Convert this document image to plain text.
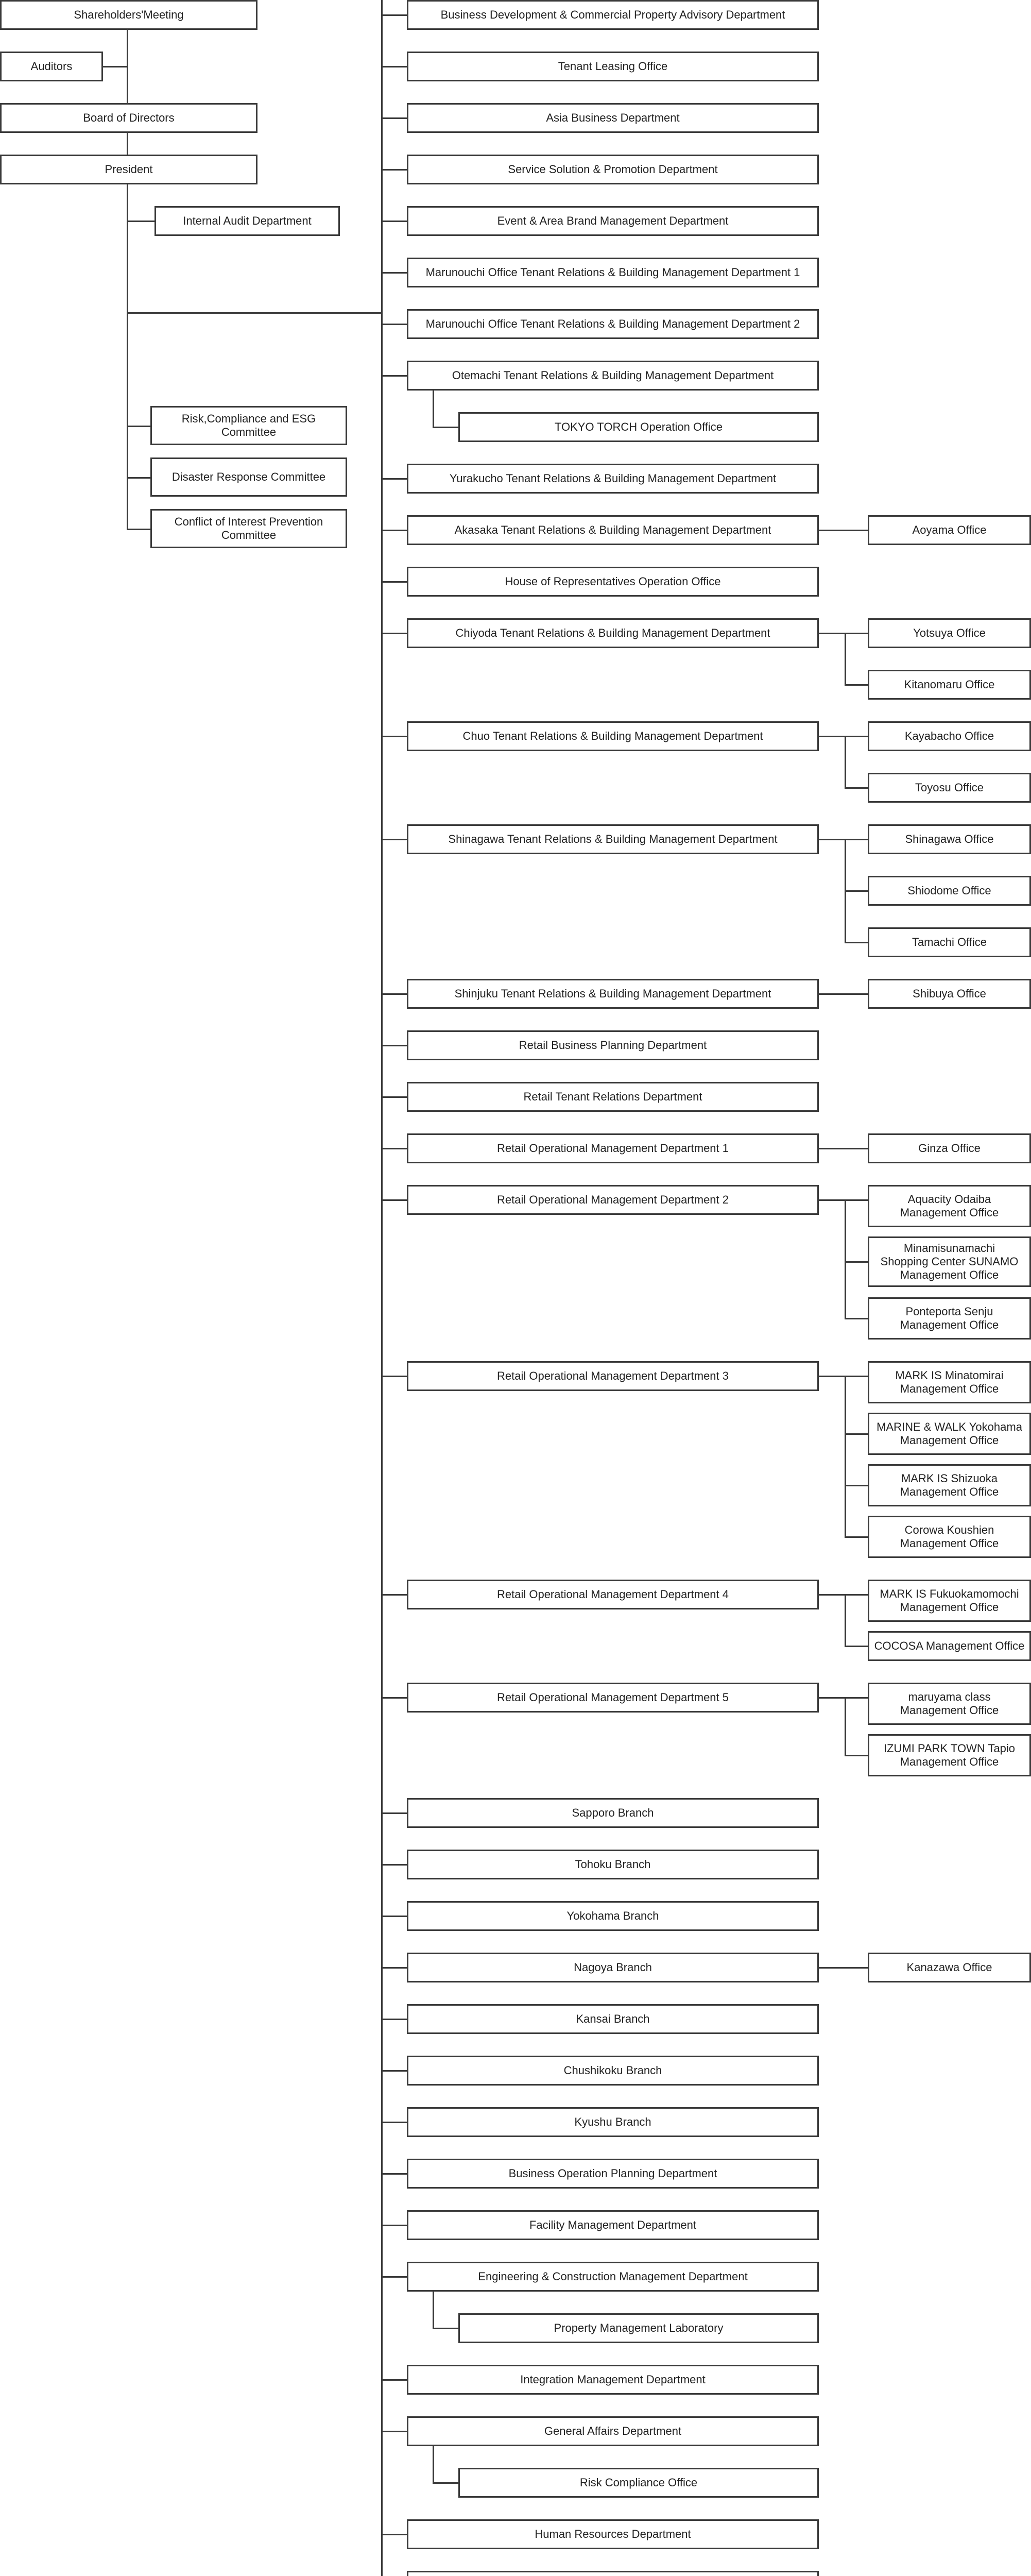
Shareholders'Meeting
Auditors
Board of Directors
President
Internal Audit Department
Risk,Compliance and ESG
Committee
Disaster Response Committee
Conflict of Interest Prevention
Committee
Business Development & Commercial Property Advisory Department
Tenant Leasing Office
Asia Business Department
Service Solution & Promotion Department
Event & Area Brand Management Department
Marunouchi Office Tenant Relations & Building Management Department 1
Marunouchi Office Tenant Relations & Building Management Department 2
Otemachi Tenant Relations & Building Management Department
TOKYO TORCH Operation Office
Yurakucho Tenant Relations & Building Management Department
Akasaka Tenant Relations & Building Management Department	Aoyama Office
House of Representatives Operation Office
Chiyoda Tenant Relations & Building Management Department	Yotsuya Office
Kitanomaru Office
Chuo Tenant Relations & Building Management Department	Kayabacho Office
Toyosu Office
Shinagawa Tenant Relations & Building Management Department	Shinagawa Office
Shiodome Office
Tamachi Office
Shinjuku Tenant Relations & Building Management Department	Shibuya Office
Retail Business Planning Department
Retail Tenant Relations Department
Retail Operational Management Department 1	Ginza Office
Retail Operational Management Department 2	Aquacity Odaiba
Management Office
Minamisunamachi
Shopping Center SUNAMO
Management Office
Ponteporta Senju
Management Office
Retail Operational Management Department 3	MARK IS Minatomirai
Management Office
MARINE & WALK Yokohama
Management Office
MARK IS Shizuoka
Management Office
Corowa Koushien
Management Office
Retail Operational Management Department 4	MARK IS Fukuokamomochi
Management Office
COCOSA Management Office
Retail Operational Management Department 5	maruyama class
Management Office
IZUMI PARK TOWN Tapio
Management Office
Sapporo Branch
Tohoku Branch
Yokohama Branch
Nagoya Branch	Kanazawa Office
Kansai Branch
Chushikoku Branch
Kyushu Branch
Business Operation Planning Department
Facility Management Department
Engineering & Construction Management Department
Property Management Laboratory
Integration Management Department
General Affairs Department
Risk Compliance Office
Human Resources Department
